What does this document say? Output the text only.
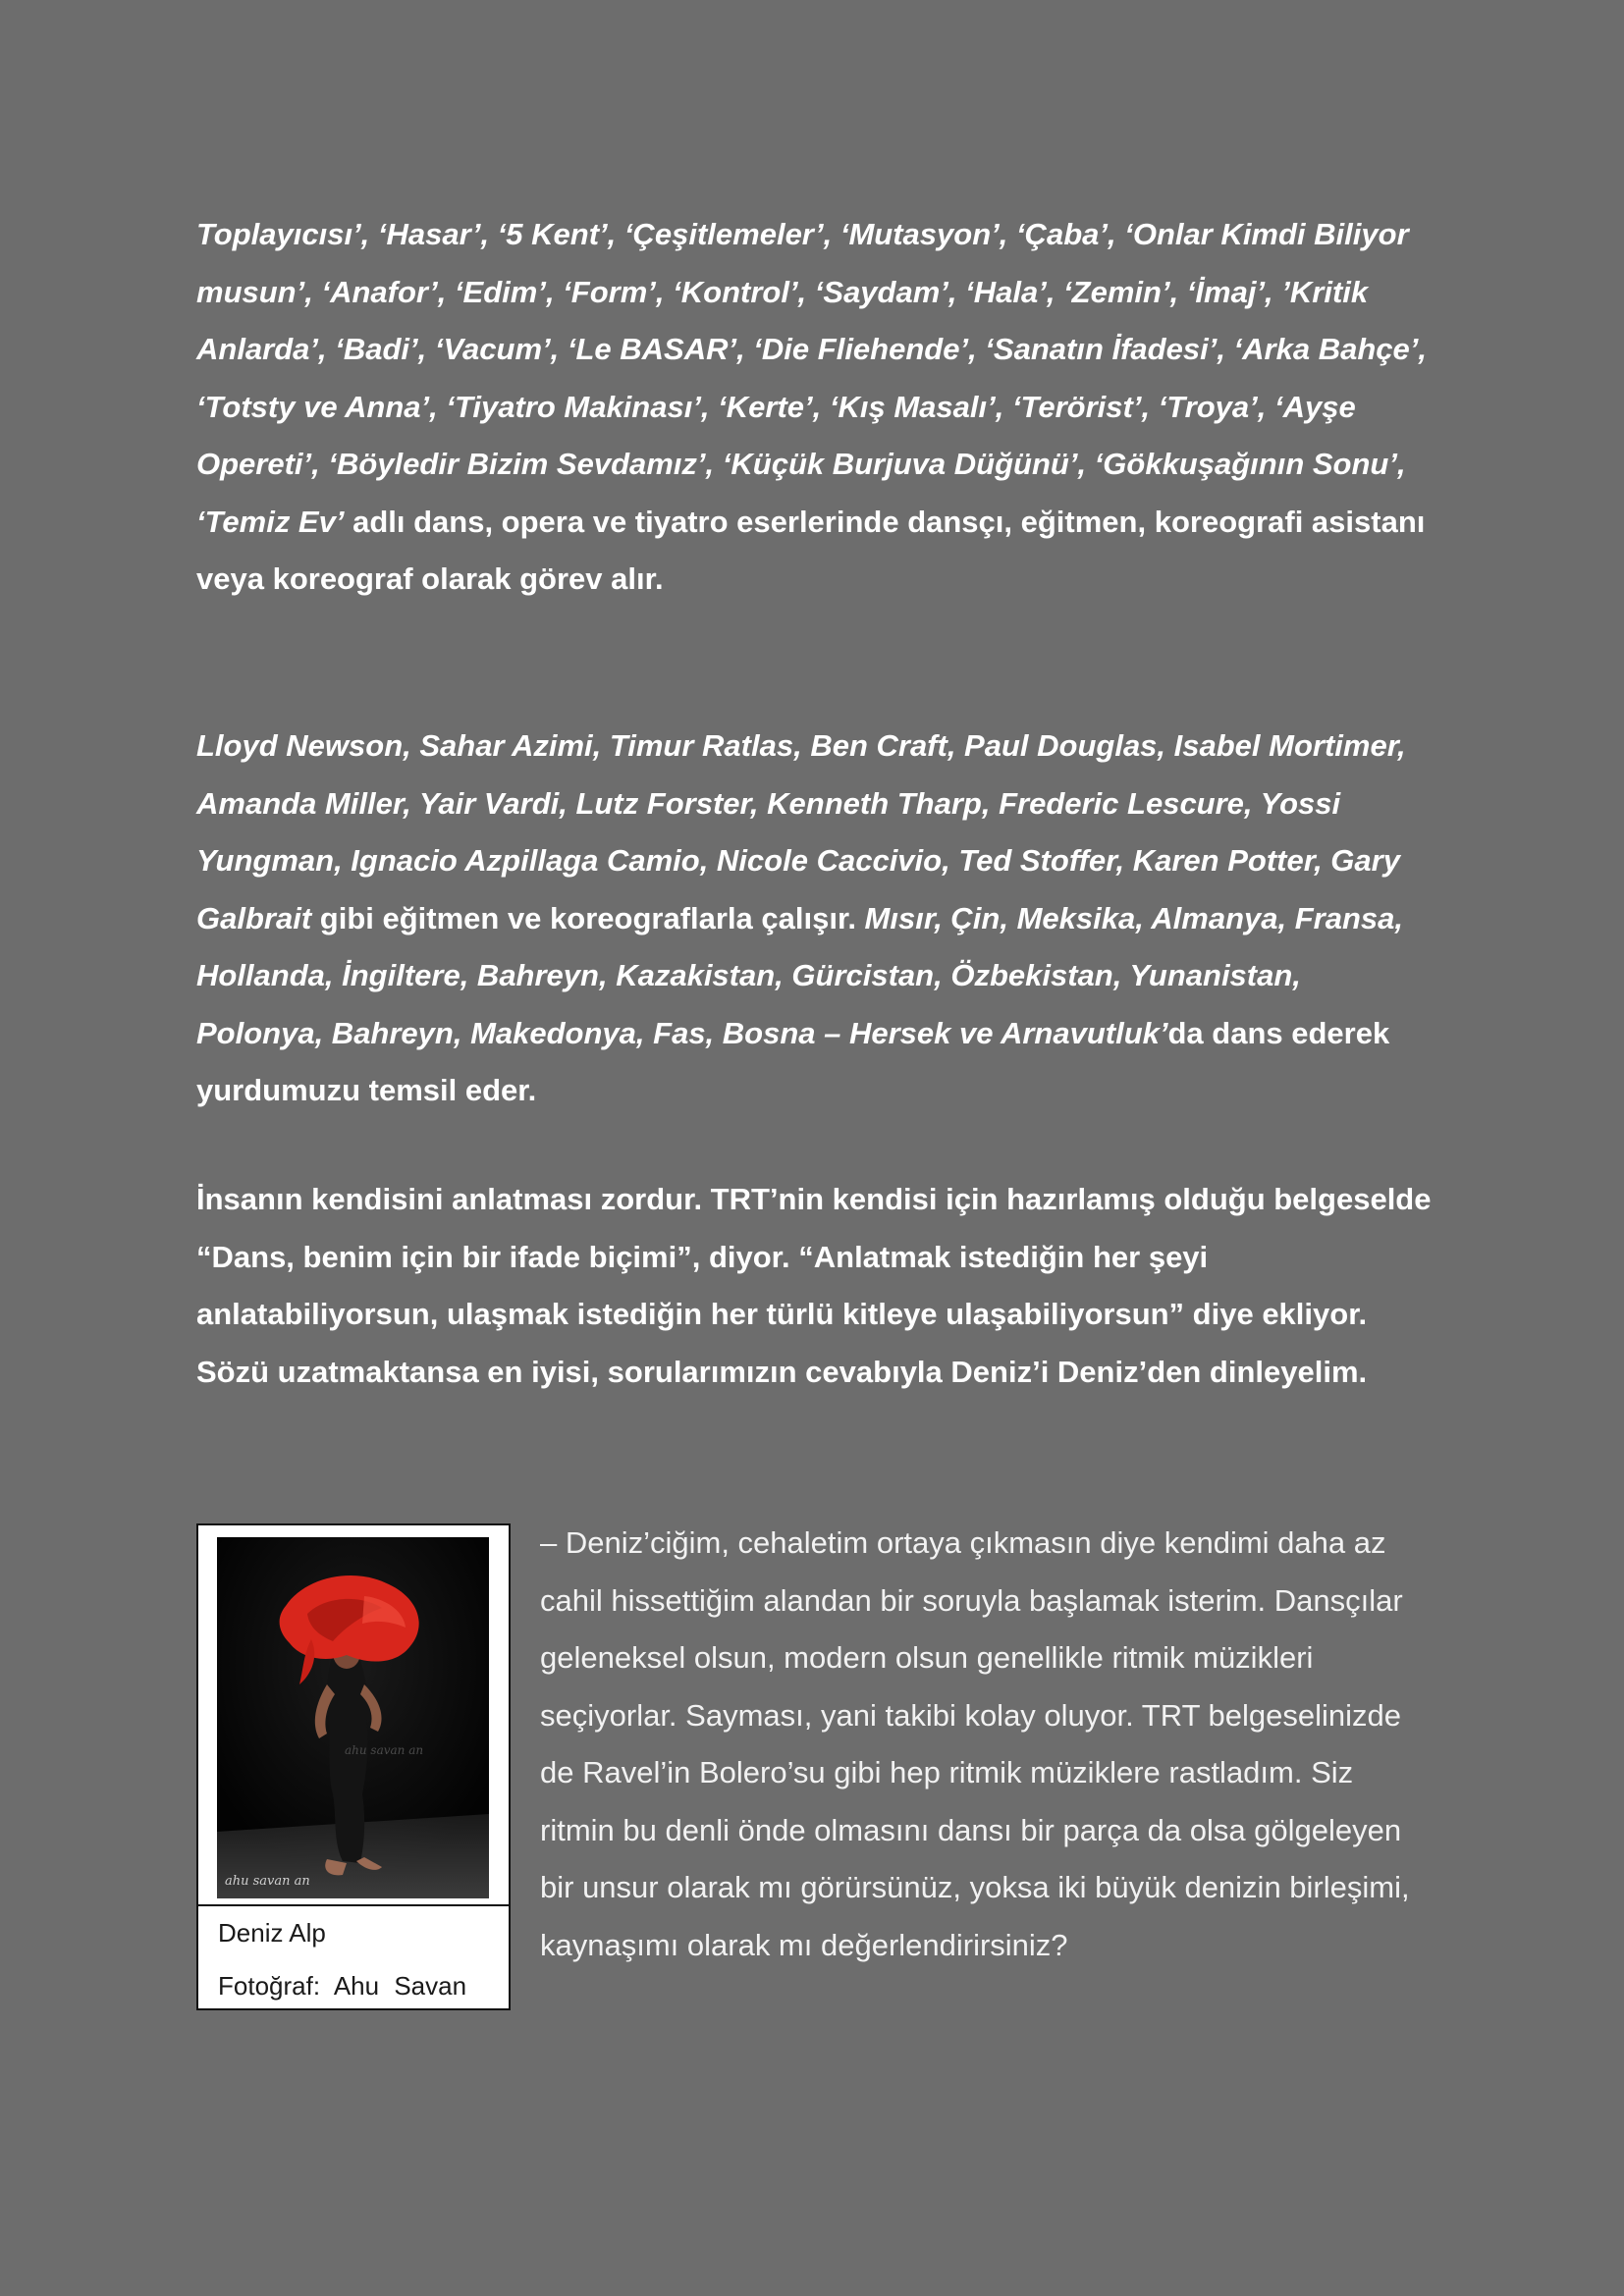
Toplayıcısı’, ‘Hasar’, ‘5 Kent’, ‘Çeşitlemeler’, ‘Mutasyon’, ‘Çaba’, ‘Onlar Kimdi Biliyor musun’, ‘Anafor’, ‘Edim’, ‘Form’, ‘Kontrol’, ‘Saydam’, ‘Hala’, ‘Zemin’, ‘İmaj’, ’Kritik Anlarda’, ‘Badi’, ‘Vacum’, ‘Le BASAR’, ‘Die Fliehende’, ‘Sanatın İfadesi’, ‘Arka Bahçe’, ‘Totsty ve Anna’, ‘Tiyatro Makinası’, ‘Kerte’, ‘Kış Masalı’, ‘Terörist’, ‘Troya’, ‘Ayşe Opereti’, ‘Böyledir Bizim Sevdamız’, ‘Küçük Burjuva Düğünü’, ‘Gökkuşağının Sonu’, ‘Temiz Ev’ adlı dans, opera ve tiyatro eserlerinde dansçı, eğitmen, koreografi asistanı veya koreograf olarak görev alır.

Lloyd Newson, Sahar Azimi, Timur Ratlas, Ben Craft, Paul Douglas, Isabel Mortimer, Amanda Miller, Yair Vardi, Lutz Forster, Kenneth Tharp, Frederic Lescure, Yossi Yungman, Ignacio Azpillaga Camio, Nicole Caccivio, Ted Stoffer, Karen Potter, Gary Galbrait gibi eğitmen ve koreograflarla çalışır. Mısır, Çin, Meksika, Almanya, Fransa, Hollanda, İngiltere, Bahreyn, Kazakistan, Gürcistan, Özbekistan, Yunanistan, Polonya, Bahreyn, Makedonya, Fas, Bosna – Hersek ve Arnavutluk’da dans ederek yurdumuzu temsil eder.

İnsanın kendisini anlatması zordur. TRT’nin kendisi için hazırlamış olduğu belgeselde “Dans, benim için bir ifade biçimi”, diyor. “Anlatmak istediğin her şeyi anlatabiliyorsun, ulaşmak istediğin her türlü kitleye ulaşabiliyorsun” diye ekliyor. Sözü uzatmaktansa en iyisi, sorularımızın cevabıyla Deniz’i Deniz’den dinleyelim.

ahu savan an
ahu savan an
Deniz Alp
Fotoğraf: Ahu Savan

– Deniz’ciğim, cehaletim ortaya çıkmasın diye kendimi daha az cahil hissettiğim alandan bir soruyla başlamak isterim. Dansçılar geleneksel olsun, modern olsun genellikle ritmik müzikleri seçiyorlar. Sayması, yani takibi kolay oluyor. TRT belgeselinizde de Ravel’in Bolero’su gibi hep ritmik müziklere rastladım. Siz ritmin bu denli önde olmasını dansı bir parça da olsa gölgeleyen bir unsur olarak mı görürsünüz, yoksa iki büyük denizin birleşimi, kaynaşımı olarak mı değerlendirirsiniz?
